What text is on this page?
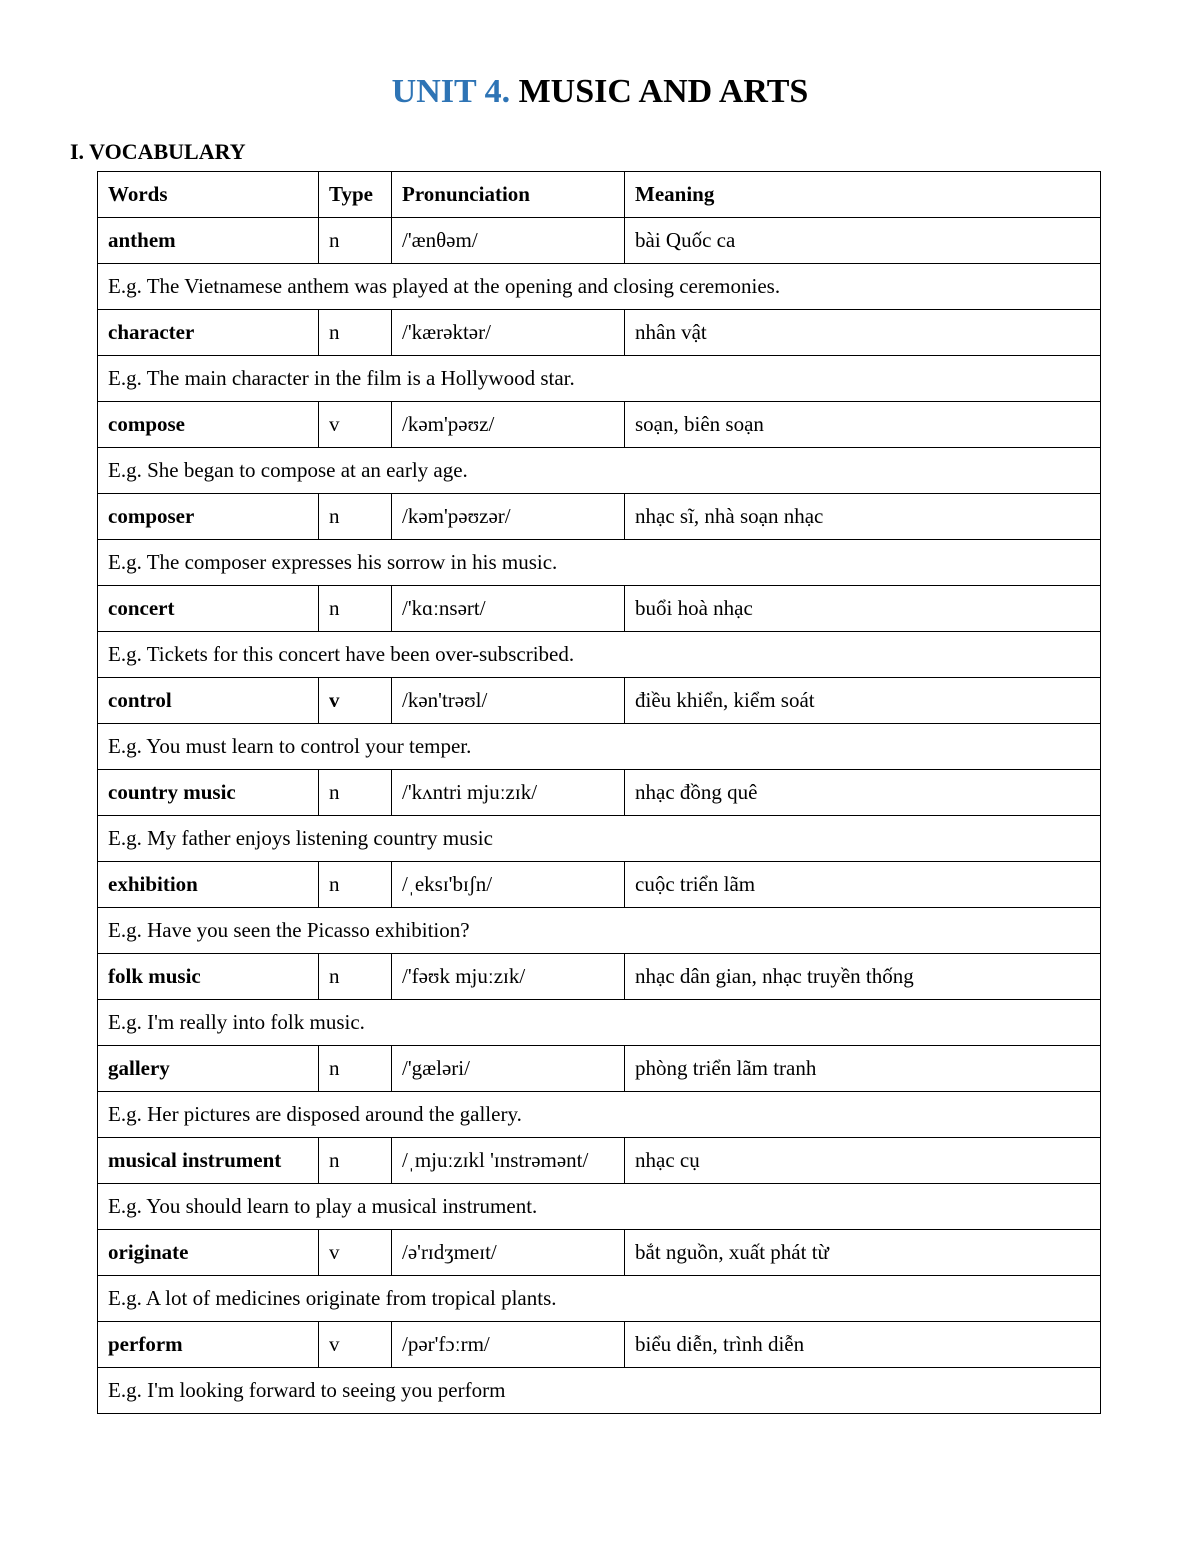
UNIT 4. MUSIC AND ARTS
I. VOCABULARY
Words	Type	Pronunciation	Meaning
anthem	n	/'ænθəm/	bài Quốc ca
E.g. The Vietnamese anthem was played at the opening and closing ceremonies.			
character	n	/'kærəktər/	nhân vật
E.g. The main character in the film is a Hollywood star.			
compose	v	/kəm'pəʊz/	soạn, biên soạn
E.g. She began to compose at an early age.			
composer	n	/kəm'pəʊzər/	nhạc sĩ, nhà soạn nhạc
E.g. The composer expresses his sorrow in his music.			
concert	n	/'kɑːnsərt/	buổi hoà nhạc
E.g. Tickets for this concert have been over-subscribed.			
control	v	/kən'trəʊl/	điều khiển, kiểm soát
E.g. You must learn to control your temper.			
country music	n	/'kʌntri mjuːzɪk/	nhạc đồng quê
E.g. My father enjoys listening country music			
exhibition	n	/ˌeksɪ'bɪʃn/	cuộc triển lãm
E.g. Have you seen the Picasso exhibition?			
folk music	n	/'fəʊk mjuːzɪk/	nhạc dân gian, nhạc truyền thống
E.g. I'm really into folk music.			
gallery	n	/'gæləri/	phòng triển lãm tranh
E.g. Her pictures are disposed around the gallery.			
musical instrument	n	/ˌmjuːzɪkl 'ɪnstrəmənt/	nhạc cụ
E.g. You should learn to play a musical instrument.			
originate	v	/ə'rɪdʒmeɪt/	bắt nguồn, xuất phát từ
E.g. A lot of medicines originate from tropical plants.			
perform	v	/pər'fɔːrm/	biểu diễn, trình diễn
E.g. I'm looking forward to seeing you perform			
